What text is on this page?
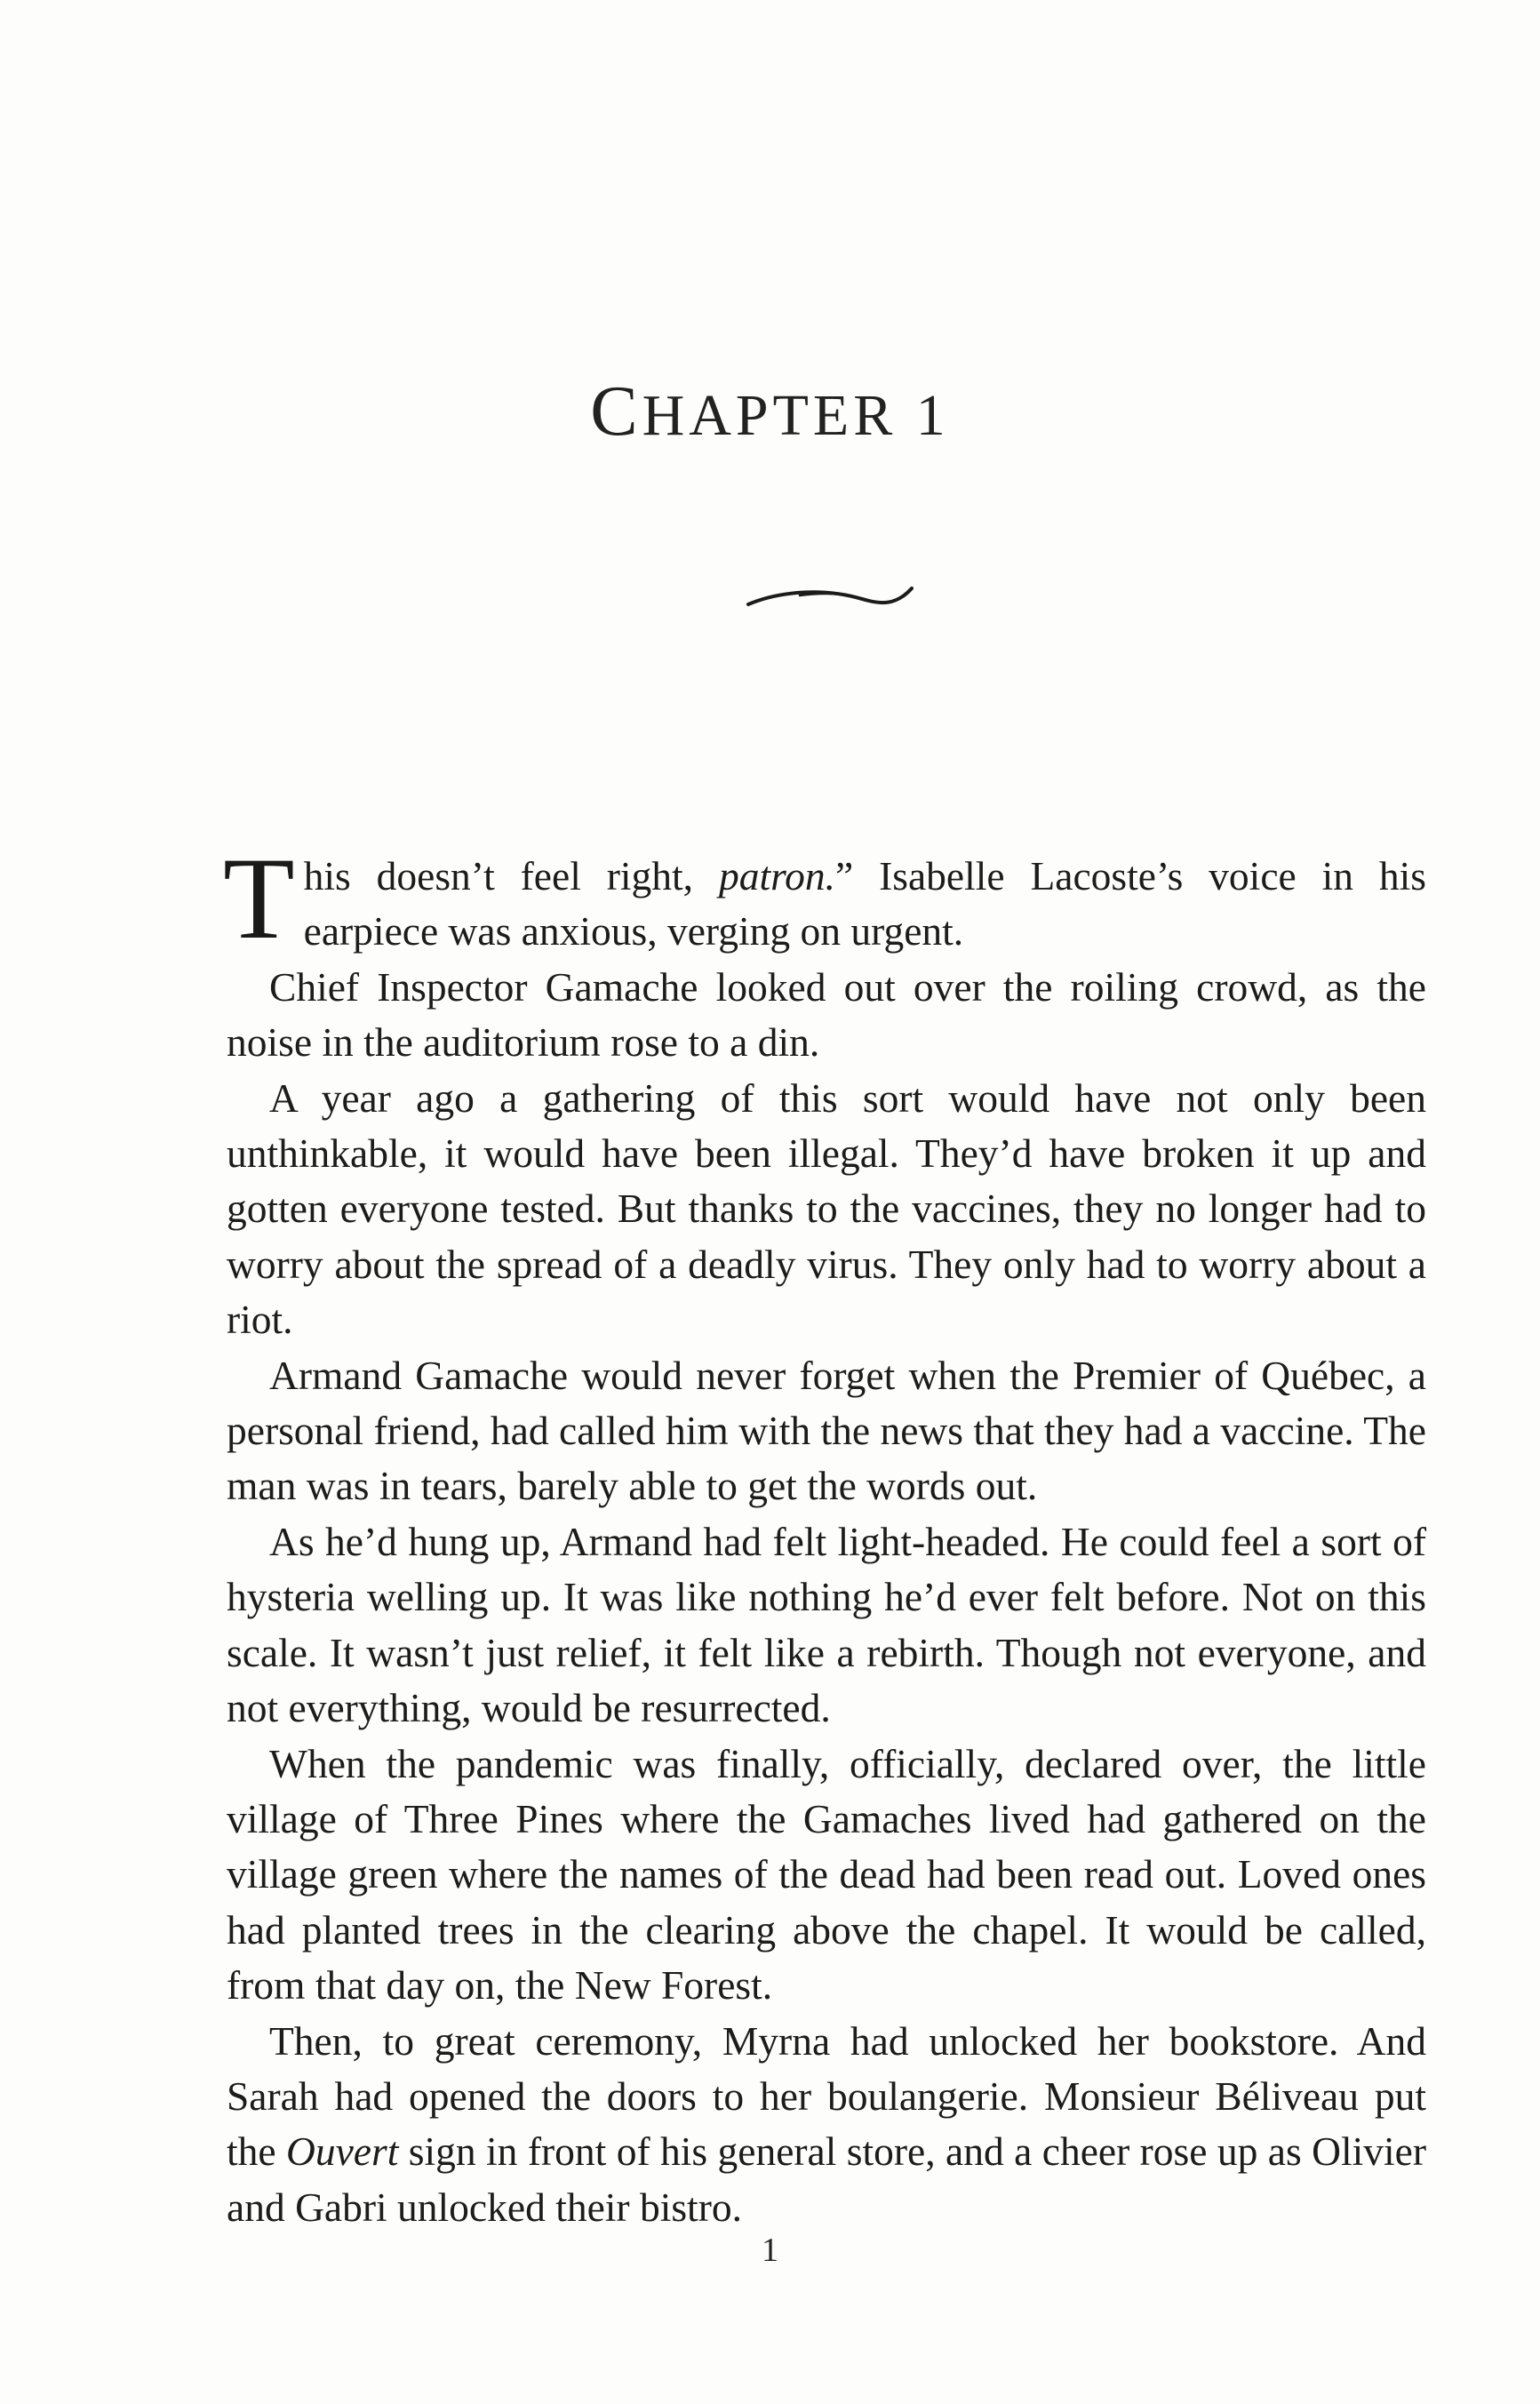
CHAPTER 1

This doesn’t feel right, patron.” Isabelle Lacoste’s voice in his earpiece was anxious, verging on urgent.

Chief Inspector Gamache looked out over the roiling crowd, as the noise in the auditorium rose to a din.

A year ago a gathering of this sort would have not only been unthinkable, it would have been illegal. They’d have broken it up and gotten everyone tested. But thanks to the vaccines, they no longer had to worry about the spread of a deadly virus. They only had to worry about a riot.

Armand Gamache would never forget when the Premier of Québec, a personal friend, had called him with the news that they had a vaccine. The man was in tears, barely able to get the words out.

As he’d hung up, Armand had felt light-headed. He could feel a sort of hysteria welling up. It was like nothing he’d ever felt before. Not on this scale. It wasn’t just relief, it felt like a rebirth. Though not everyone, and not everything, would be resurrected.

When the pandemic was finally, officially, declared over, the little village of Three Pines where the Gamaches lived had gathered on the village green where the names of the dead had been read out. Loved ones had planted trees in the clearing above the chapel. It would be called, from that day on, the New Forest.

Then, to great ceremony, Myrna had unlocked her bookstore. And Sarah had opened the doors to her boulangerie. Monsieur Béliveau put the Ouvert sign in front of his general store, and a cheer rose up as Olivier and Gabri unlocked their bistro.

1
